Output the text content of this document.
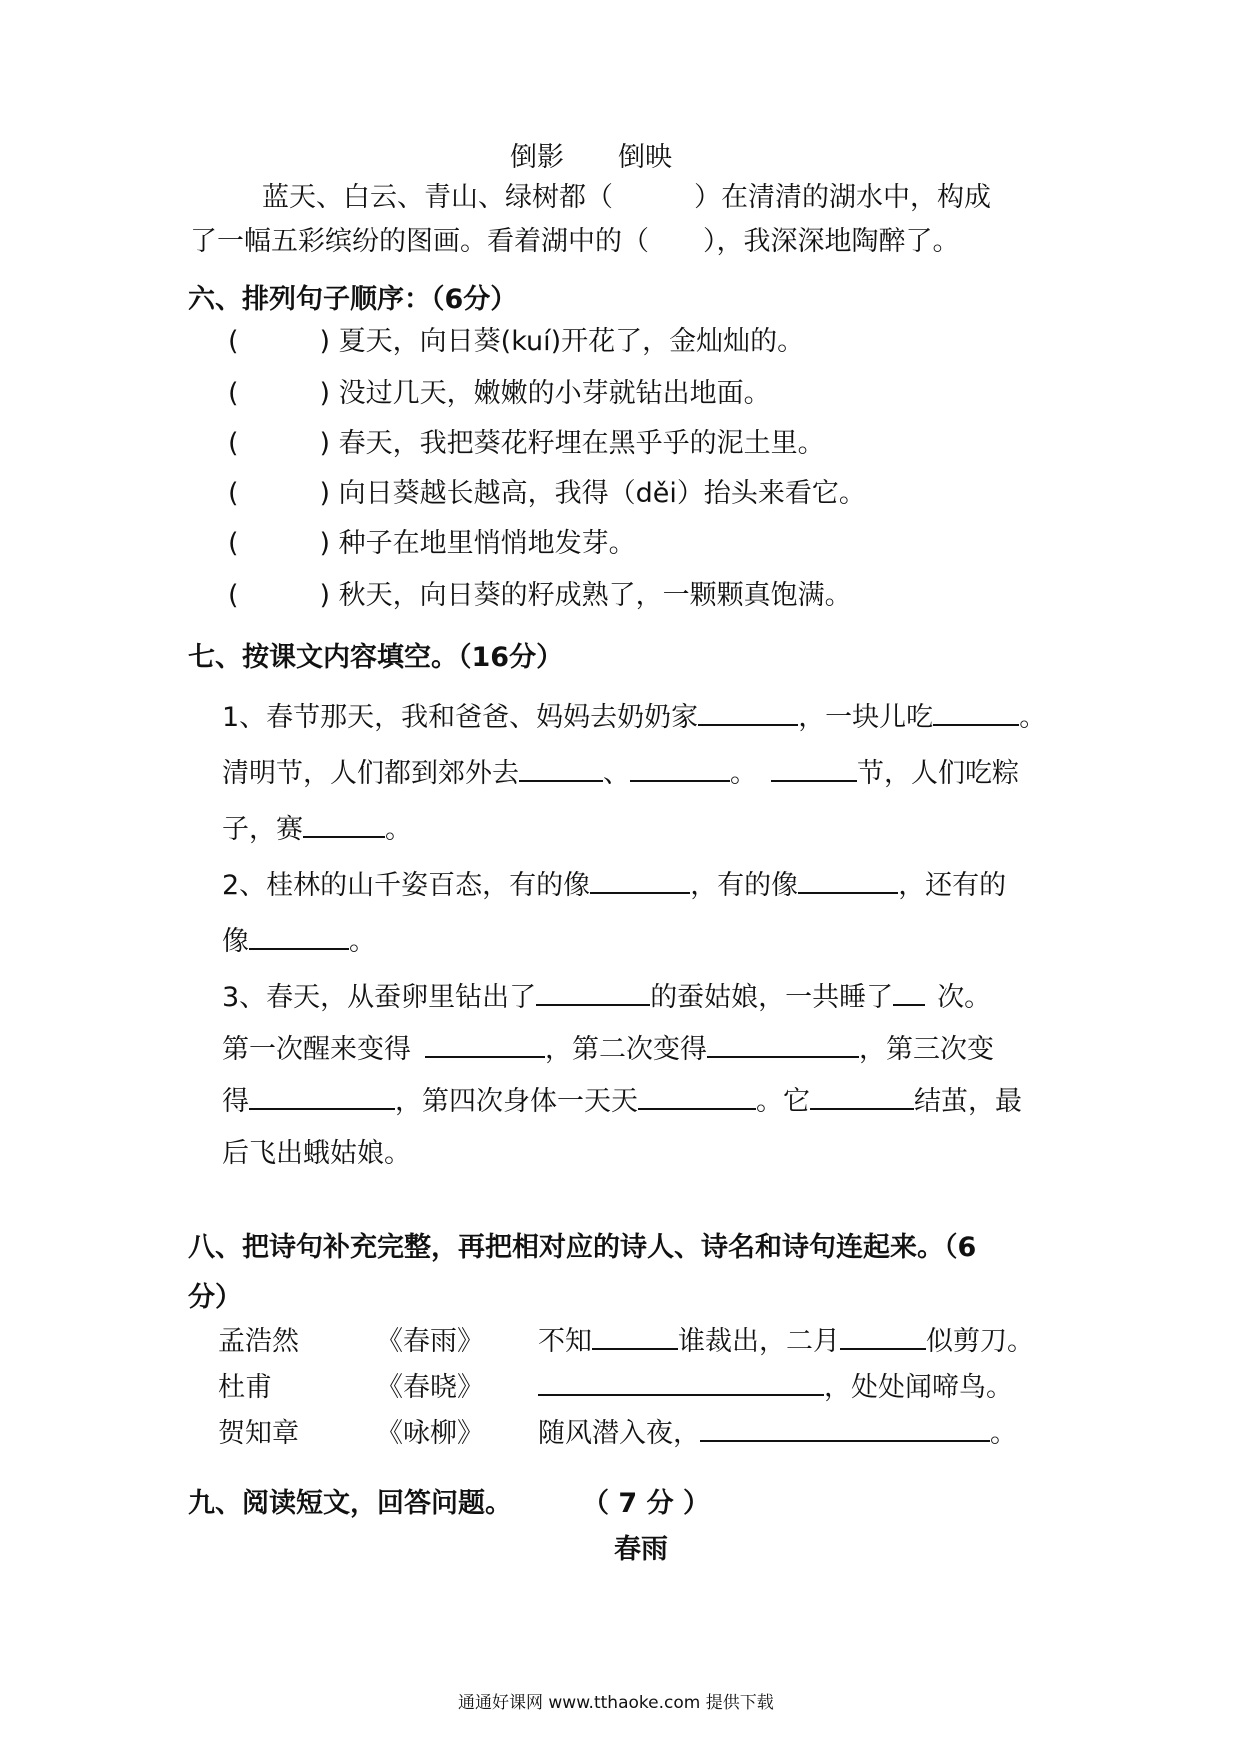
倒影　　倒映
蓝天、白云、青山、绿树都（　　　）在清清的湖水中，构成
了一幅五彩缤纷的图画。看着湖中的（　　），我深深地陶醉了。
六、排列句子顺序：（6分）
(　　　) 夏天，向日葵(kuí)开花了，金灿灿的。
(　　　) 没过几天，嫩嫩的小芽就钻出地面。
(　　　) 春天，我把葵花籽埋在黑乎乎的泥土里。
(　　　) 向日葵越长越高，我得（děi）抬头来看它。
(　　　) 种子在地里悄悄地发芽。
(　　　) 秋天，向日葵的籽成熟了，一颗颗真饱满。
七、按课文内容填空。（16分）
1、春节那天，我和爸爸、妈妈去奶奶家	，一块儿吃	。
清明节，人们都到郊外去	、	。	节，人们吃粽
子，赛	。
2、桂林的山千姿百态，有的像	，有的像	，还有的
像	。
3、春天，从蚕卵里钻出了	的蚕姑娘，一共睡了 次。
第一次醒来变得	，第二次变得	，第三次变
得	，第四次身体一天天	。它	结茧，最
后飞出蛾姑娘。
八、把诗句补充完整，再把相对应的诗人、诗名和诗句连起来。（6
分）
孟浩然	《春雨》 不知	谁裁出，二月	似剪刀。
杜甫	《春晓》	，处处闻啼鸟。
贺知章	《咏柳》 随风潜入夜，	。
九、阅读短文，回答问题。	（ 7 分 ）
春雨
通通好课网 www.tthaoke.com 提供下载
